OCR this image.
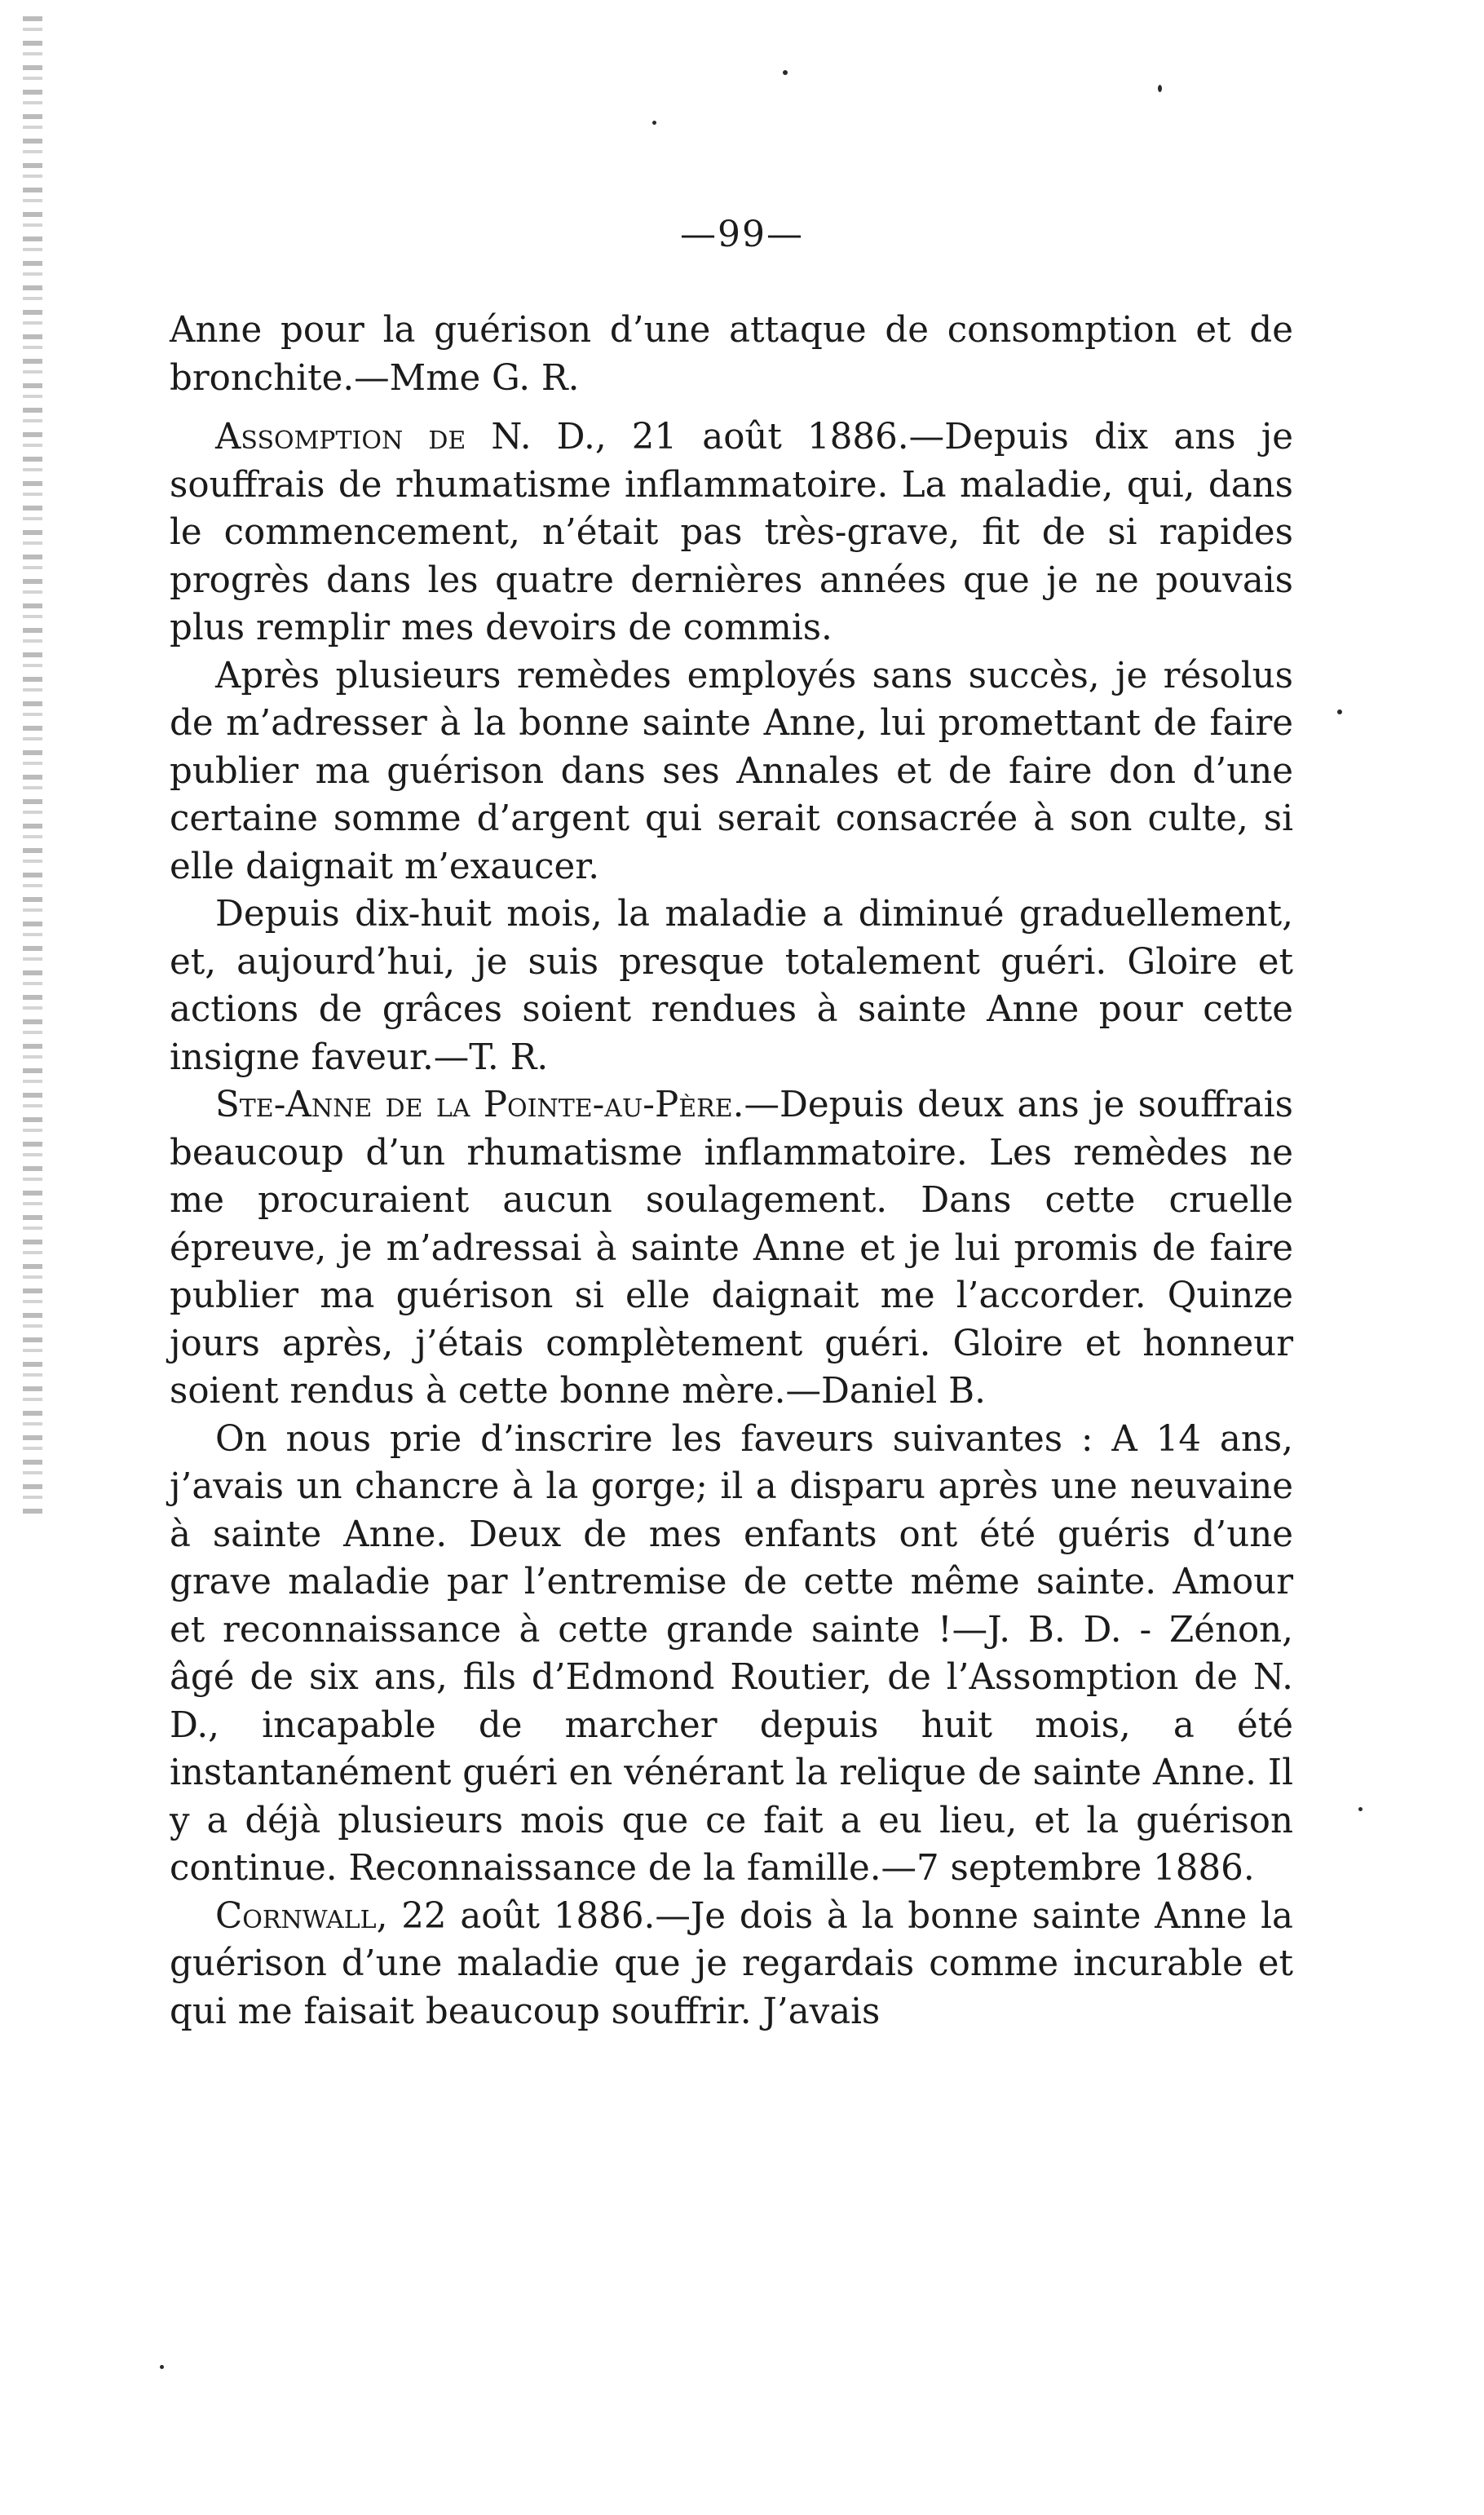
—99—

Anne pour la guérison d’une attaque de consomption et de bronchite.—Mme G. R.

Assomption de N. D., 21 août 1886.—Depuis dix ans je souffrais de rhumatisme inflammatoire. La maladie, qui, dans le commencement, n’était pas très-grave, fit de si rapides progrès dans les quatre dernières années que je ne pouvais plus remplir mes devoirs de commis.

Après plusieurs remèdes employés sans succès, je résolus de m’adresser à la bonne sainte Anne, lui promettant de faire publier ma guérison dans ses Annales et de faire don d’une certaine somme d’argent qui serait consacrée à son culte, si elle daignait m’exaucer.

Depuis dix-huit mois, la maladie a diminué graduellement, et, aujourd’hui, je suis presque totalement guéri. Gloire et actions de grâces soient rendues à sainte Anne pour cette insigne faveur.—T. R.

Ste-Anne de la Pointe-au-Père.—Depuis deux ans je souffrais beaucoup d’un rhumatisme inflammatoire. Les remèdes ne me procuraient aucun soulagement. Dans cette cruelle épreuve, je m’adressai à sainte Anne et je lui promis de faire publier ma guérison si elle daignait me l’accorder. Quinze jours après, j’étais complètement guéri. Gloire et honneur soient rendus à cette bonne mère.—Daniel B.

On nous prie d’inscrire les faveurs suivantes : A 14 ans, j’avais un chancre à la gorge; il a disparu après une neuvaine à sainte Anne. Deux de mes enfants ont été guéris d’une grave maladie par l’entremise de cette même sainte. Amour et reconnaissance à cette grande sainte !—J. B. D. - Zénon, âgé de six ans, fils d’Edmond Routier, de l’Assomption de N. D., incapable de marcher depuis huit mois, a été instantanément guéri en vénérant la relique de sainte Anne. Il y a déjà plusieurs mois que ce fait a eu lieu, et la guérison continue. Reconnaissance de la famille.—7 septembre 1886.

Cornwall, 22 août 1886.—Je dois à la bonne sainte Anne la guérison d’une maladie que je regardais comme incurable et qui me faisait beaucoup souffrir. J’avais
